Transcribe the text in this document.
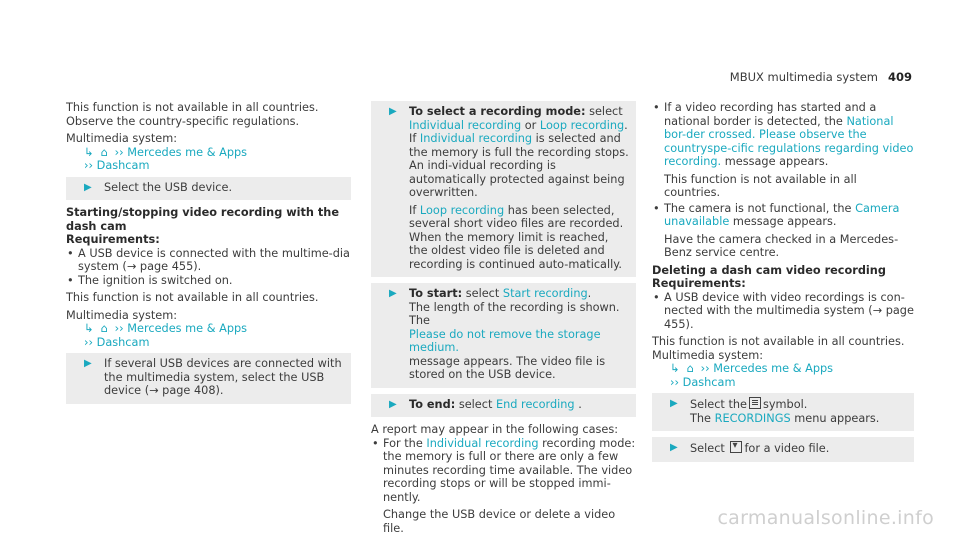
MBUX multimedia system 409

This function is not available in all countries. Observe the country-specific regulations.

Multimedia system:

↳ ⌂ ›› Mercedes me & Apps
›› Dashcam
▶ Select the USB device.

Starting/stopping video recording with the dash cam

Requirements:

• A USB device is connected with the multime-dia system (→ page 455).
• The ignition is switched on.

This function is not available in all countries.

Multimedia system:

↳ ⌂ ›› Mercedes me & Apps
›› Dashcam
▶ If several USB devices are connected with the multimedia system, select the USB device (→ page 408).
▶ To select a recording mode: select Individual recording or Loop recording.

If Individual recording is selected and the memory is full the recording stops. An indi-vidual recording is automatically protected against being overwritten.

If Loop recording has been selected, several short video files are recorded. When the memory limit is reached, the oldest video file is deleted and recording is continued auto-matically.

▶ To start: select Start recording.

The length of the recording is shown. The

Please do not remove the storage medium.

message appears. The video file is stored on the USB device.

▶ To end: select End recording .

A report may appear in the following cases:

• For the Individual recording recording mode: the memory is full or there are only a few minutes recording time available. The video recording stops or will be stopped immi-nently.

Change the USB device or delete a video file.

• If a video recording has started and a national border is detected, the National bor-der crossed. Please observe the countryspe-cific regulations regarding video recording. message appears.

This function is not available in all countries.

• The camera is not functional, the Camera unavailable message appears.

Have the camera checked in a Mercedes-Benz service centre.

Deleting a dash cam video recording

Requirements:

• A USB device with video recordings is con-nected with the multimedia system (→ page 455).

This function is not available in all countries.

Multimedia system:

↳ ⌂ ›› Mercedes me & Apps
›› Dashcam
▶ Select the symbol.

The RECORDINGS menu appears.

▶ Select ▾ for a video file.

carmanualsonline.info
